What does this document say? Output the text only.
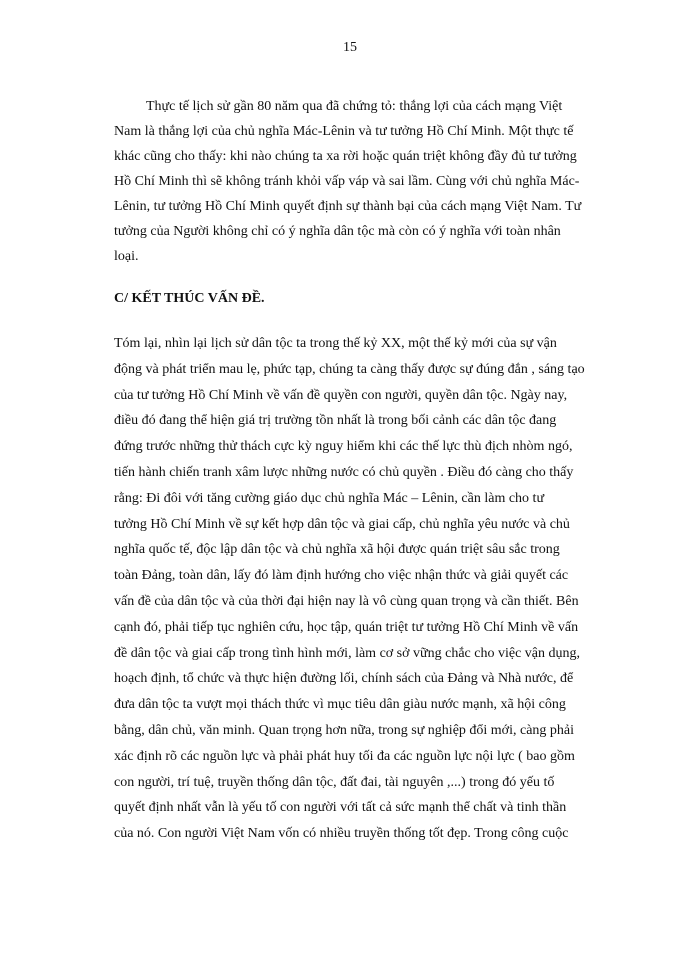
15

Thực tế lịch sử gần 80 năm qua đã chứng tỏ: thắng lợi của cách mạng Việt
Nam là thắng lợi của chủ nghĩa Mác-Lênin và tư tưởng Hồ Chí Minh. Một thực tế
khác cũng cho thấy: khi nào chúng ta xa rời hoặc quán triệt không đầy đủ tư tưởng
Hồ Chí Minh thì sẽ không tránh khỏi vấp váp và sai lầm. Cùng với chủ nghĩa Mác-
Lênin, tư tưởng Hồ Chí Minh quyết định sự thành bại của cách mạng Việt Nam. Tư
tưởng của Người không chỉ có ý nghĩa dân tộc mà còn có ý nghĩa với toàn nhân
loại.

C/ KẾT THÚC VẤN ĐỀ.

Tóm lại, nhìn lại lịch sử dân tộc ta trong thế kỷ XX, một thế kỷ mới của sự vận
động và phát triển mau lẹ, phức tạp, chúng ta càng thấy được sự đúng đắn , sáng tạo
của tư tưởng Hồ Chí Minh về vấn đề quyền con người, quyền dân tộc. Ngày nay,
điều đó đang thể hiện giá trị trường tồn nhất là trong bối cảnh các dân tộc đang
đứng trước những thử thách cực kỳ nguy hiểm khi các thế lực thù địch nhòm ngó,
tiến hành chiến tranh xâm lược những nước có chủ quyền . Điều đó càng cho thấy
rằng: Đi đôi với tăng cường giáo dục chủ nghĩa Mác – Lênin, cần làm cho tư
tưởng Hồ Chí Minh về sự kết hợp dân tộc và giai cấp, chủ nghĩa yêu nước và chủ
nghĩa quốc tế, độc lập dân tộc và chủ nghĩa xã hội được quán triệt sâu sắc trong
toàn Đảng, toàn dân, lấy đó làm định hướng cho việc nhận thức và giải quyết các
vấn đề của dân tộc và của thời đại hiện nay là vô cùng quan trọng và cần thiết. Bên
cạnh đó, phải tiếp tục nghiên cứu, học tập, quán triệt tư tưởng Hồ Chí Minh về vấn
đề dân tộc và giai cấp trong tình hình mới, làm cơ sở vững chắc cho việc vận dụng,
hoạch định, tổ chức và thực hiện đường lối, chính sách của Đảng và Nhà nước, để
đưa dân tộc ta vượt mọi thách thức vì mục tiêu dân giàu nước mạnh, xã hội công
bằng, dân chủ, văn minh. Quan trọng hơn nữa, trong sự nghiệp đổi mới, càng phải
xác định rõ các nguồn lực và phải phát huy tối đa các nguồn lực nội lực ( bao gồm
con người, trí tuệ, truyền thống dân tộc, đất đai, tài nguyên ,...) trong đó yếu tố
quyết định nhất vẫn là yếu tố con người với tất cả sức mạnh thể chất và tinh thần
của nó. Con người Việt Nam vốn có nhiều truyền thống tốt đẹp. Trong công cuộc
